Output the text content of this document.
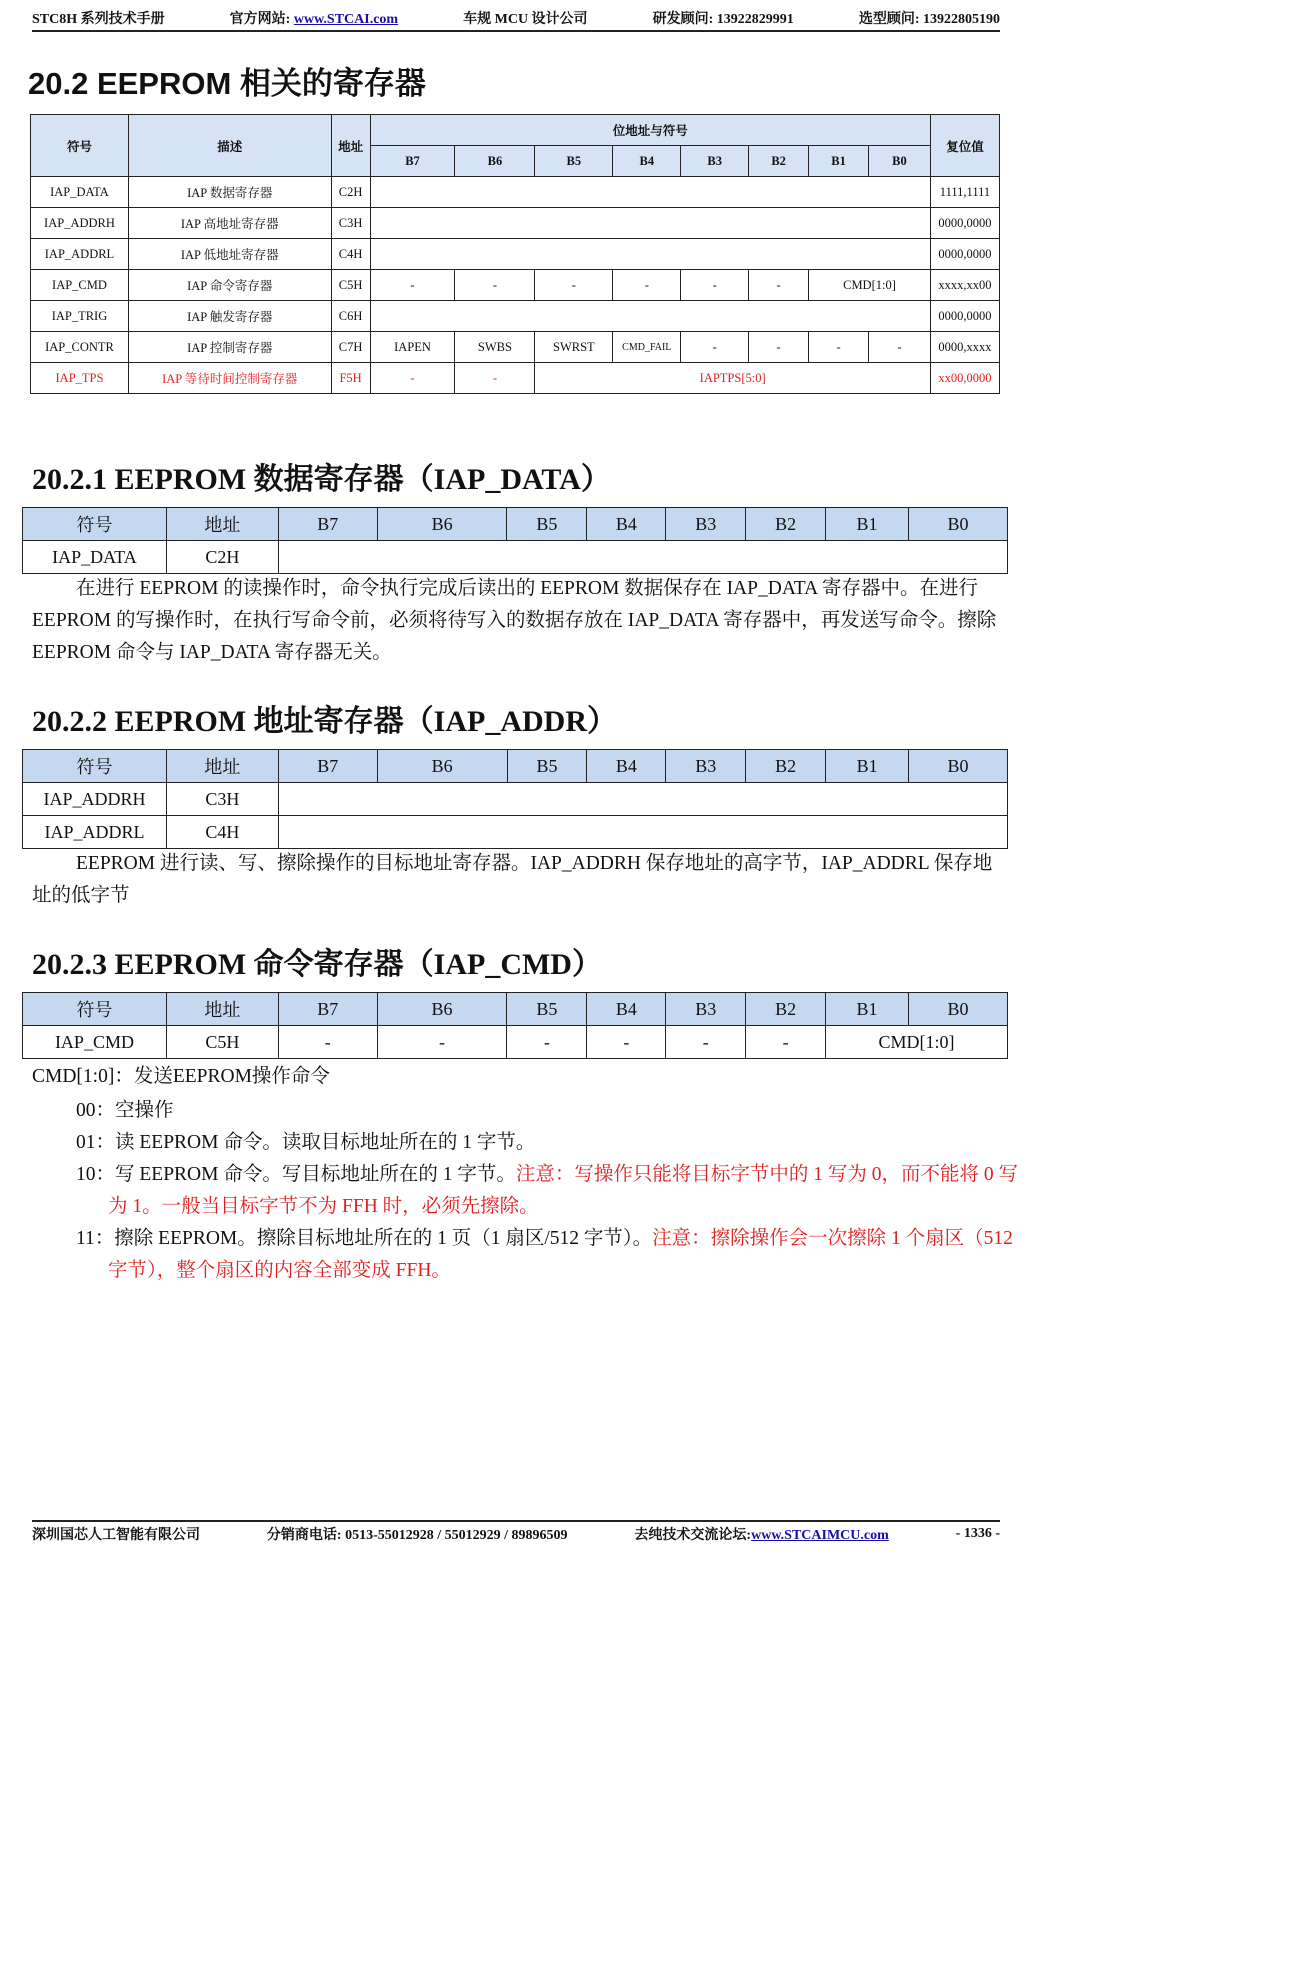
STC8H 系列技术手册	官方网站: www.STCAI.com	车规 MCU 设计公司	研发顾问: 13922829991	选型顾问: 13922805190
20.2 EEPROM 相关的寄存器
符号	描述	地址	位地址与符号								复位值
			B7	B6	B5	B4	B3	B2	B1	B0	
IAP_DATA	IAP 数据寄存器	C2H									1111,1111
IAP_ADDRH	IAP 高地址寄存器	C3H									0000,0000
IAP_ADDRL	IAP 低地址寄存器	C4H									0000,0000
IAP_CMD	IAP 命令寄存器	C5H	-	-	-	-	-	-	CMD[1:0]		xxxx,xx00
IAP_TRIG	IAP 触发寄存器	C6H									0000,0000
IAP_CONTR	IAP 控制寄存器	C7H	IAPEN	SWBS	SWRST	CMD_FAIL	-	-	-	-	0000,xxxx
IAP_TPS	IAP 等待时间控制寄存器	F5H	-	-	IAPTPS[5:0]						xx00,0000
20.2.1 EEPROM 数据寄存器（IAP_DATA）
符号	地址	B7	B6	B5	B4	B3	B2	B1	B0
IAP_DATA	C2H								

在进行 EEPROM 的读操作时，命令执行完成后读出的 EEPROM 数据保存在 IAP_DATA 寄存器中。在进行 EEPROM 的写操作时，在执行写命令前，必须将待写入的数据存放在 IAP_DATA 寄存器中，再发送写命令。擦除 EEPROM 命令与 IAP_DATA 寄存器无关。

20.2.2 EEPROM 地址寄存器（IAP_ADDR）
符号	地址	B7	B6	B5	B4	B3	B2	B1	B0
IAP_ADDRH	C3H								
IAP_ADDRL	C4H								

EEPROM 进行读、写、擦除操作的目标地址寄存器。IAP_ADDRH 保存地址的高字节，IAP_ADDRL 保存地址的低字节

20.2.3 EEPROM 命令寄存器（IAP_CMD）
符号	地址	B7	B6	B5	B4	B3	B2	B1	B0
IAP_CMD	C5H	-	-	-	-	-	-	CMD[1:0]	

CMD[1:0]：发送EEPROM操作命令

00：空操作

01：读 EEPROM 命令。读取目标地址所在的 1 字节。

10：写 EEPROM 命令。写目标地址所在的 1 字节。注意：写操作只能将目标字节中的 1 写为 0，而不能将 0 写为 1。一般当目标字节不为 FFH 时，必须先擦除。

11：擦除 EEPROM。擦除目标地址所在的 1 页（1 扇区/512 字节）。注意：擦除操作会一次擦除 1 个扇区（512 字节），整个扇区的内容全部变成 FFH。

深圳国芯人工智能有限公司	分销商电话: 0513-55012928 / 55012929 / 89896509	去纯技术交流论坛:www.STCAIMCU.com	- 1336 -
